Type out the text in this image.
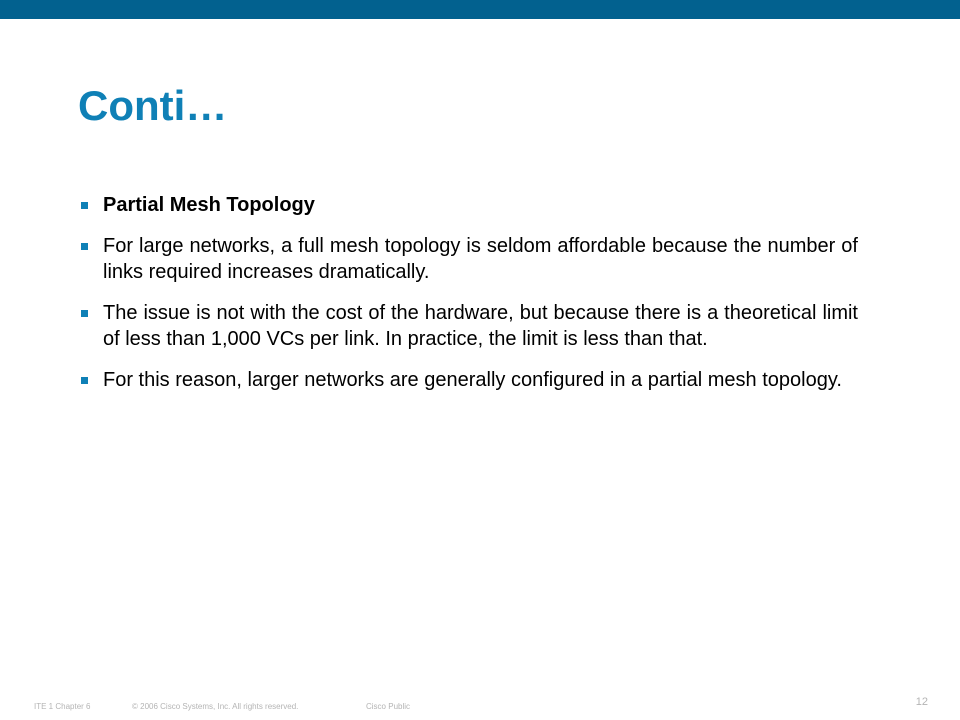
Conti…
Partial Mesh Topology
For large networks, a full mesh topology is seldom affordable because the number of links required increases dramatically.
The issue is not with the cost of the hardware, but because there is a theoretical limit of less than 1,000 VCs per link. In practice, the limit is less than that.
For this reason, larger networks are generally configured in a partial mesh topology.
ITE 1 Chapter 6	© 2006 Cisco Systems, Inc. All rights reserved.	Cisco Public	12
